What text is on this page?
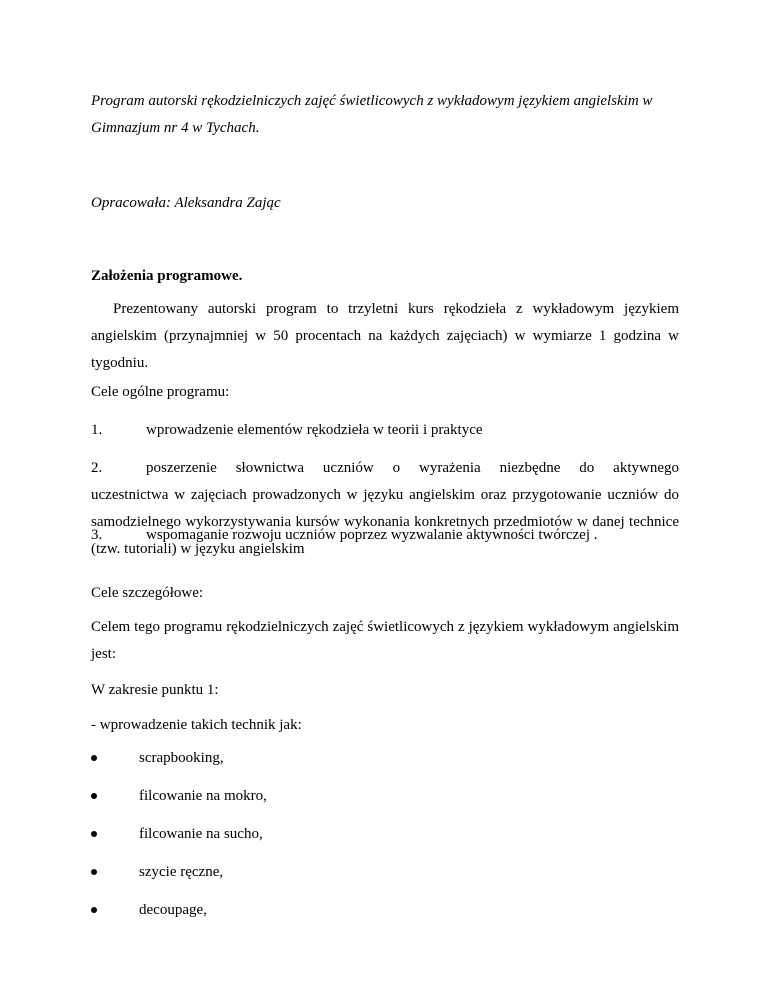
Program autorski rękodzielniczych zajęć świetlicowych z wykładowym językiem angielskim w Gimnazjum nr 4 w Tychach.

Opracowała: Aleksandra Zając

Założenia programowe.

Prezentowany autorski program to trzyletni kurs rękodzieła z wykładowym językiem angielskim (przynajmniej w 50 procentach na każdych zajęciach) w wymiarze 1 godzina w tygodniu.

Cele ogólne programu:

1.	wprowadzenie elementów rękodzieła w teorii i praktyce
2.	poszerzenie słownictwa uczniów o wyrażenia niezbędne do aktywnego

uczestnictwa w zajęciach prowadzonych w języku angielskim oraz przygotowanie uczniów do samodzielnego wykorzystywania kursów wykonania konkretnych przedmiotów w danej technice (tzw. tutoriali) w języku angielskim

3.	wspomaganie rozwoju uczniów poprzez wyzwalanie aktywności twórczej .

Cele szczegółowe:

Celem tego programu rękodzielniczych zajęć świetlicowych z językiem wykładowym angielskim jest:

W zakresie punktu 1:

- wprowadzenie takich technik jak:

scrapbooking,
filcowanie na mokro,
filcowanie na sucho,
szycie ręczne,
decoupage,
